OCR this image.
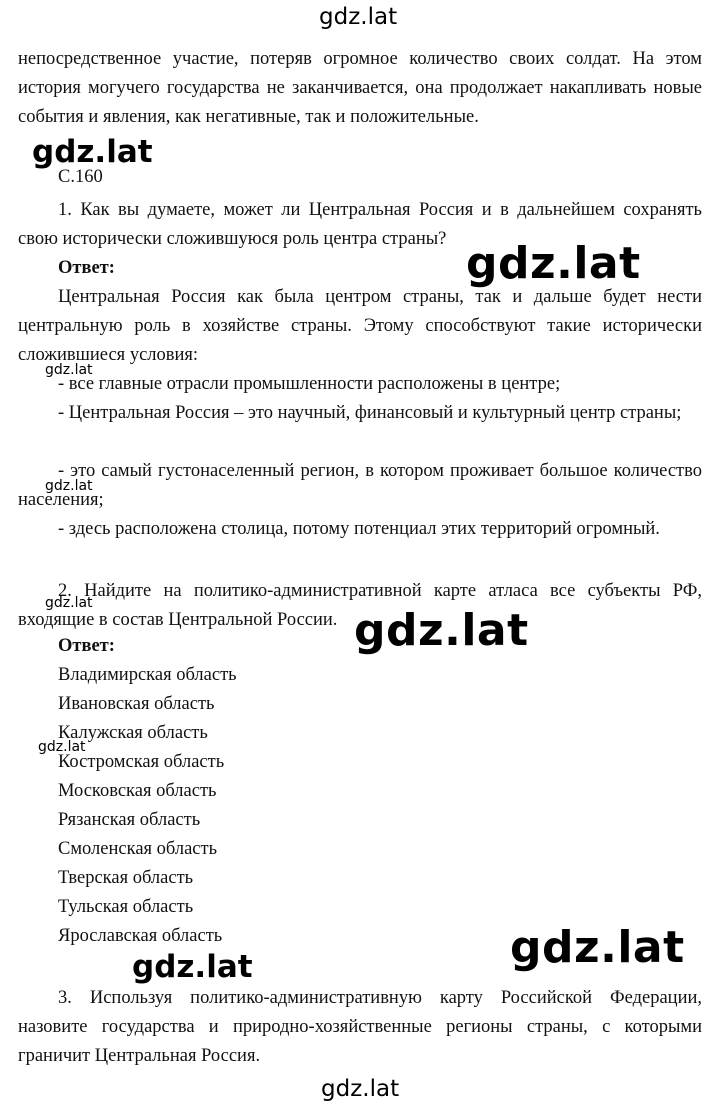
gdz.lat

непосредственное участие, потеряв огромное количество своих солдат. На этом история могучего государства не заканчивается, она продолжает накапливать новые события и явления, как негативные, так и положительные.

gdz.lat

С.160

1. Как вы думаете, может ли Центральная Россия и в дальнейшем сохранять свою исторически сложившуюся роль центра страны? gdz.lat

Ответ:

Центральная Россия как была центром страны, так и дальше будет нести центральную роль в хозяйстве страны. Этому способствуют такие исторически сложившиеся условия:

gdz.lat

- все главные отрасли промышленности расположены в центре;

- Центральная Россия – это научный, финансовый и культурный центр страны;

gdz.lat

- это самый густонаселенный регион, в котором проживает большое количество населения;

- здесь расположена столица, потому потенциал этих территорий огромный.

2. Найдите на политико-административной карте атласа все субъекты РФ, входящие в состав Центральной России.

gdz.lat
gdz.lat

Ответ:

Владимирская область

Ивановская область

Калужская область

gdz.lat

Костромская область

Московская область

Рязанская область

Смоленская область

Тверская область

Тульская область

Ярославская область	gdz.lat
gdz.lat

3. Используя политико-административную карту Российской Федерации, назовите государства и природно-хозяйственные регионы страны, с которыми граничит Центральная Россия.

gdz.lat
